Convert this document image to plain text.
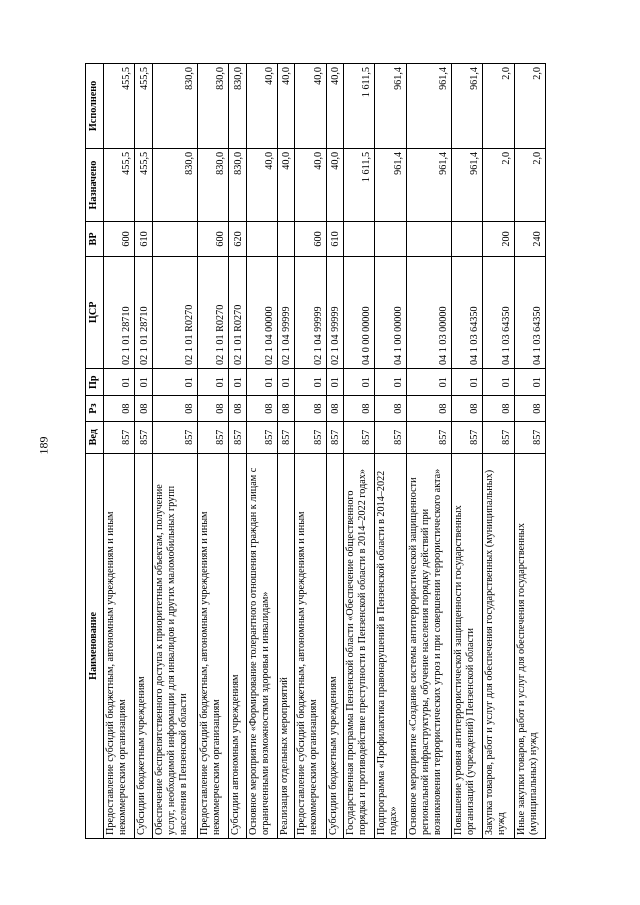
189
Наименование	Вед	Рз	Пр	ЦСР	ВР	Назначено	Исполнено
Предоставление субсидий бюджетным, автономным учреждениям и иным некоммерческим организациям	857	08	01	02 1 01 28710	600	455,5	455,5
Субсидии бюджетным учреждениям	857	08	01	02 1 01 28710	610	455,5	455,5
Обеспечение беспрепятственного доступа к приоритетным объектам, получение услуг, необходимой информации для инвалидов и других маломобильных групп населения в Пензенской области	857	08	01	02 1 01 R0270		830,0	830,0
Предоставление субсидий бюджетным, автономным учреждениям и иным некоммерческим организациям	857	08	01	02 1 01 R0270	600	830,0	830,0
Субсидии автономным учреждениям	857	08	01	02 1 01 R0270	620	830,0	830,0
Основное мероприятие «Формирование толерантного отношения граждан к лицам с ограниченными возможностями здоровья и инвалидам»	857	08	01	02 1 04 00000		40,0	40,0
Реализация отдельных мероприятий	857	08	01	02 1 04 99999		40,0	40,0
Предоставление субсидий бюджетным, автономным учреждениям и иным некоммерческим организациям	857	08	01	02 1 04 99999	600	40,0	40,0
Субсидии бюджетным учреждениям	857	08	01	02 1 04 99999	610	40,0	40,0
Государственная программа Пензенской области «Обеспечение общественного порядка и противодействие преступности в Пензенской области в 2014–2022 годах»	857	08	01	04 0 00 00000		1 611,5	1 611,5
Подпрограмма «Профилактика правонарушений в Пензенской области в 2014–2022 годах»	857	08	01	04 1 00 00000		961,4	961,4
Основное мероприятие «Создание системы антитеррористической защищенности региональной инфраструктуры, обучение населения порядку действий при возникновении террористических угроз и при совершении террористического акта»	857	08	01	04 1 03 00000		961,4	961,4
Повышение уровня антитеррористической защищенности государственных организаций (учреждений) Пензенской области	857	08	01	04 1 03 64350		961,4	961,4
Закупка товаров, работ и услуг для обеспечения государственных (муниципальных) нужд	857	08	01	04 1 03 64350	200	2,0	2,0
Иные закупки товаров, работ и услуг для обеспечения государственных (муниципальных) нужд	857	08	01	04 1 03 64350	240	2,0	2,0
